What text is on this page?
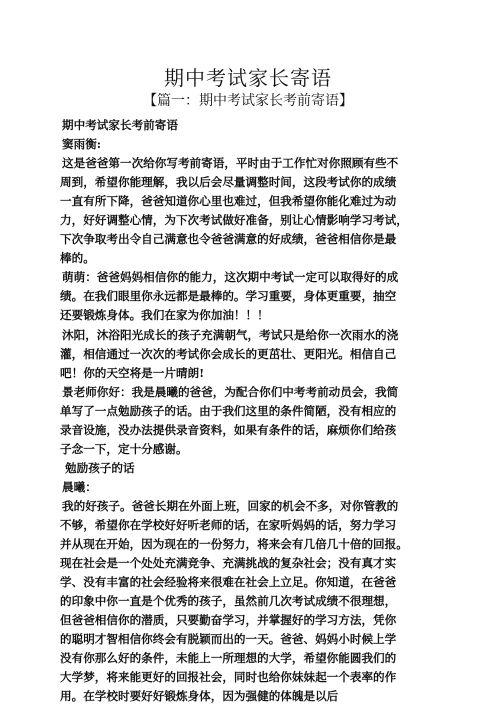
期中考试家长寄语
【篇一：期中考试家长考前寄语】
期中考试家长考前寄语
窦雨衡:
这是爸爸第一次给你写考前寄语，平时由于工作忙对你照顾有些不
周到，希望你能理解，我以后会尽量调整时间，这段考试你的成绩
一直有所下降，爸爸知道你心里也难过，但我希望你能化难过为动
力，好好调整心情，为下次考试做好准备，别让心情影响学习考试，
下次争取考出令自己满意也令爸爸满意的好成绩，爸爸相信你是最
棒的。
萌萌：爸爸妈妈相信你的能力，这次期中考试一定可以取得好的成
绩。在我们眼里你永远都是最棒的。学习重要，身体更重要，抽空
还要锻炼身体。我们在家为你加油！！！
沐阳，沐浴阳光成长的孩子充满朝气，考试只是给你一次雨水的浇
灌，相信通过一次次的考试你会成长的更茁壮、更阳光。相信自己
吧！你的天空将是一片晴朗!
景老师你好：我是晨曦的爸爸，为配合你们中考考前动员会，我简
单写了一点勉励孩子的话。由于我们这里的条件简陋，没有相应的
录音设施，没办法提供录音资料，如果有条件的话，麻烦你们给孩
子念一下，定十分感谢。
勉励孩子的话
晨曦：
我的好孩子。爸爸长期在外面上班，回家的机会不多，对你管教的
不够，希望你在学校好好听老师的话，在家听妈妈的话，努力学习
并从现在开始，因为现在的一份努力，将来会有几倍几十倍的回报。
现在社会是一个处处充满竞争、充满挑战的复杂社会；没有真才实
学、没有丰富的社会经验将来很难在社会上立足。你知道，在爸爸
的印象中你一直是个优秀的孩子，虽然前几次考试成绩不很理想，
但爸爸相信你的潜质，只要勤奋学习，并掌握好的学习方法，凭你
的聪明才智相信你终会有脱颖而出的一天。爸爸、妈妈小时候上学
没有你那么好的条件，未能上一所理想的大学，希望你能圆我们的
大学梦，将来能更好的回报社会，同时也给你妹妹起一个表率的作
用。在学校时要好好锻炼身体，因为强健的体魄是以后
